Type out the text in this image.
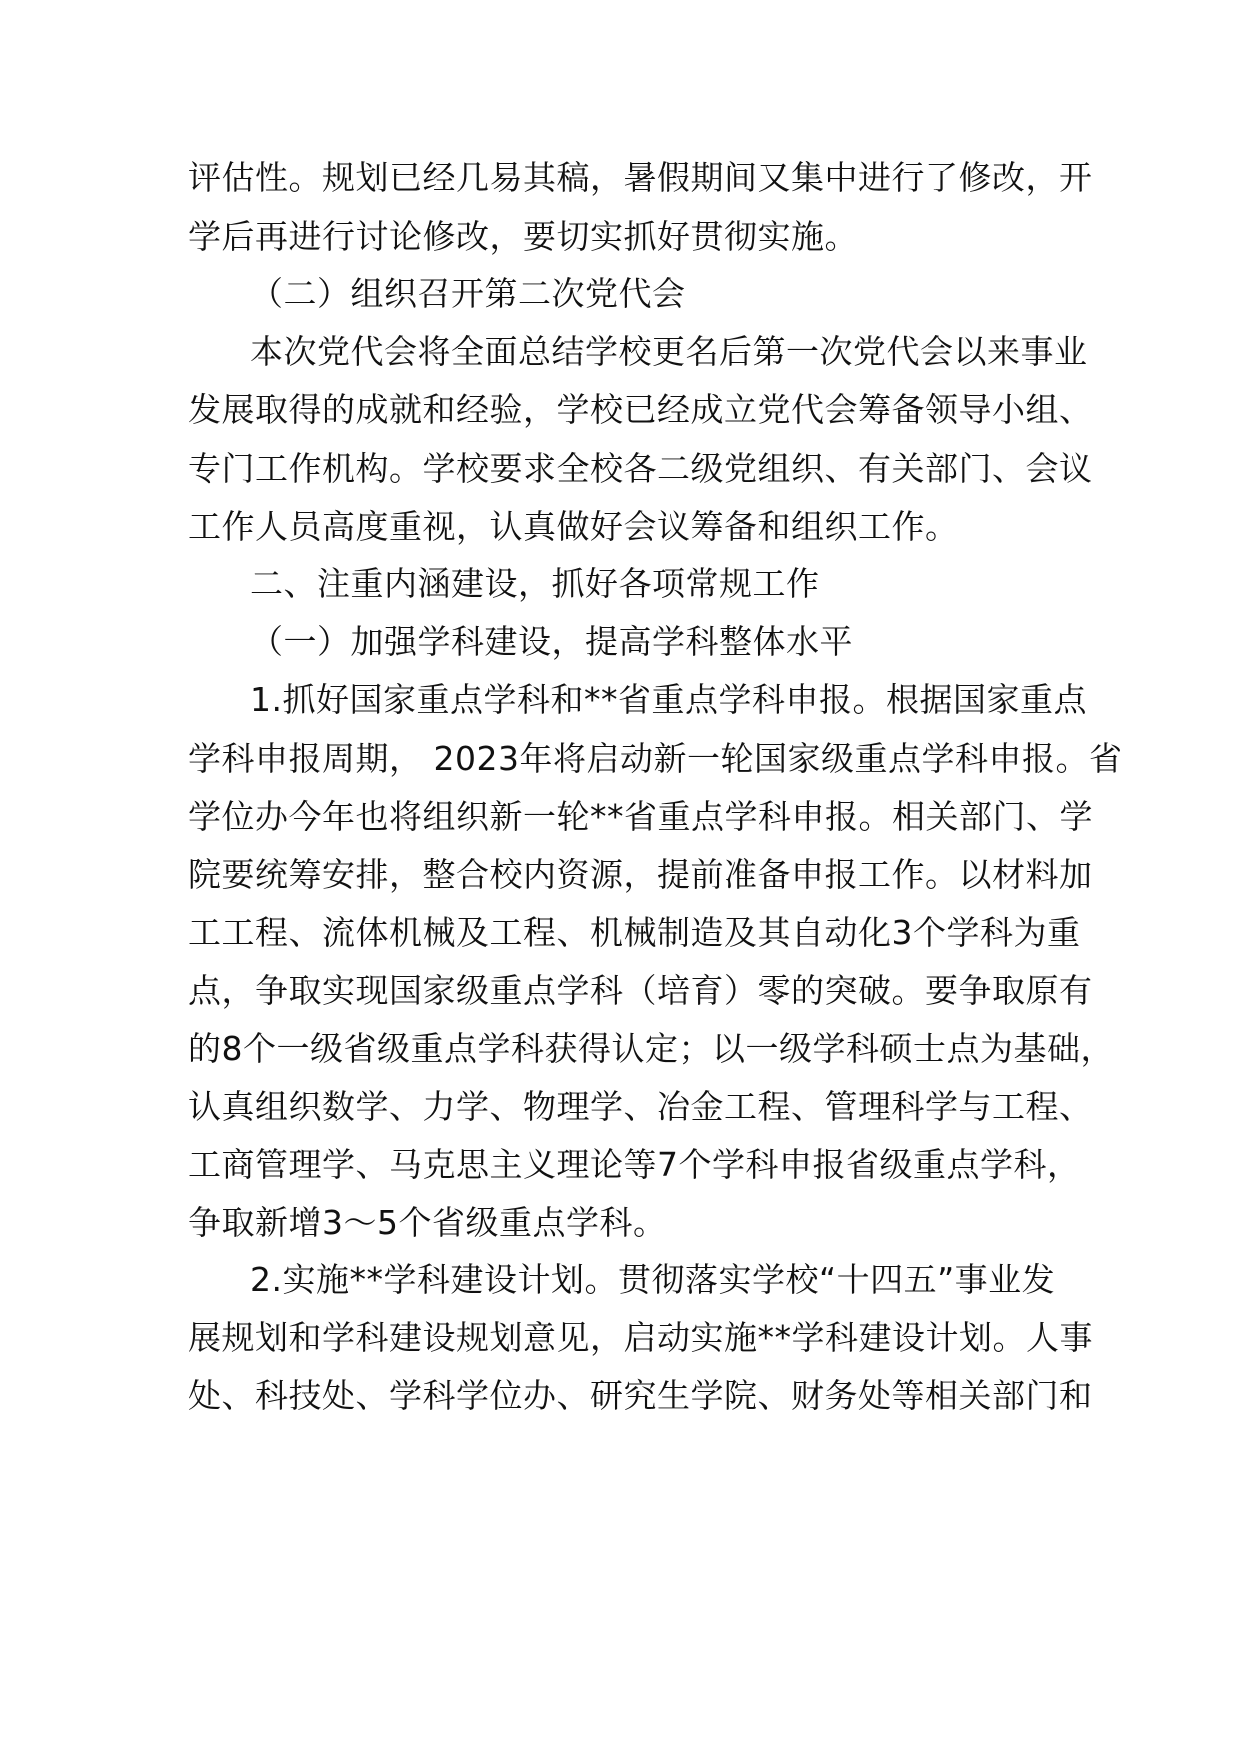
评估性。规划已经几易其稿，暑假期间又集中进行了修改，开
学后再进行讨论修改，要切实抓好贯彻实施。
（二）组织召开第二次党代会
本次党代会将全面总结学校更名后第一次党代会以来事业
发展取得的成就和经验，学校已经成立党代会筹备领导小组、
专门工作机构。学校要求全校各二级党组织、有关部门、会议
工作人员高度重视，认真做好会议筹备和组织工作。
二、注重内涵建设，抓好各项常规工作
（一）加强学科建设，提高学科整体水平
1.抓好国家重点学科和**省重点学科申报。根据国家重点
学科申报周期， 2023年将启动新一轮国家级重点学科申报。省
学位办今年也将组织新一轮**省重点学科申报。相关部门、学
院要统筹安排，整合校内资源，提前准备申报工作。以材料加
工工程、流体机械及工程、机械制造及其自动化3个学科为重
点，争取实现国家级重点学科（培育）零的突破。要争取原有
的8个一级省级重点学科获得认定；以一级学科硕士点为基础，
认真组织数学、力学、物理学、冶金工程、管理科学与工程、
工商管理学、马克思主义理论等7个学科申报省级重点学科，
争取新增3～5个省级重点学科。
2.实施**学科建设计划。贯彻落实学校“十四五”事业发
展规划和学科建设规划意见，启动实施**学科建设计划。人事
处、科技处、学科学位办、研究生学院、财务处等相关部门和
